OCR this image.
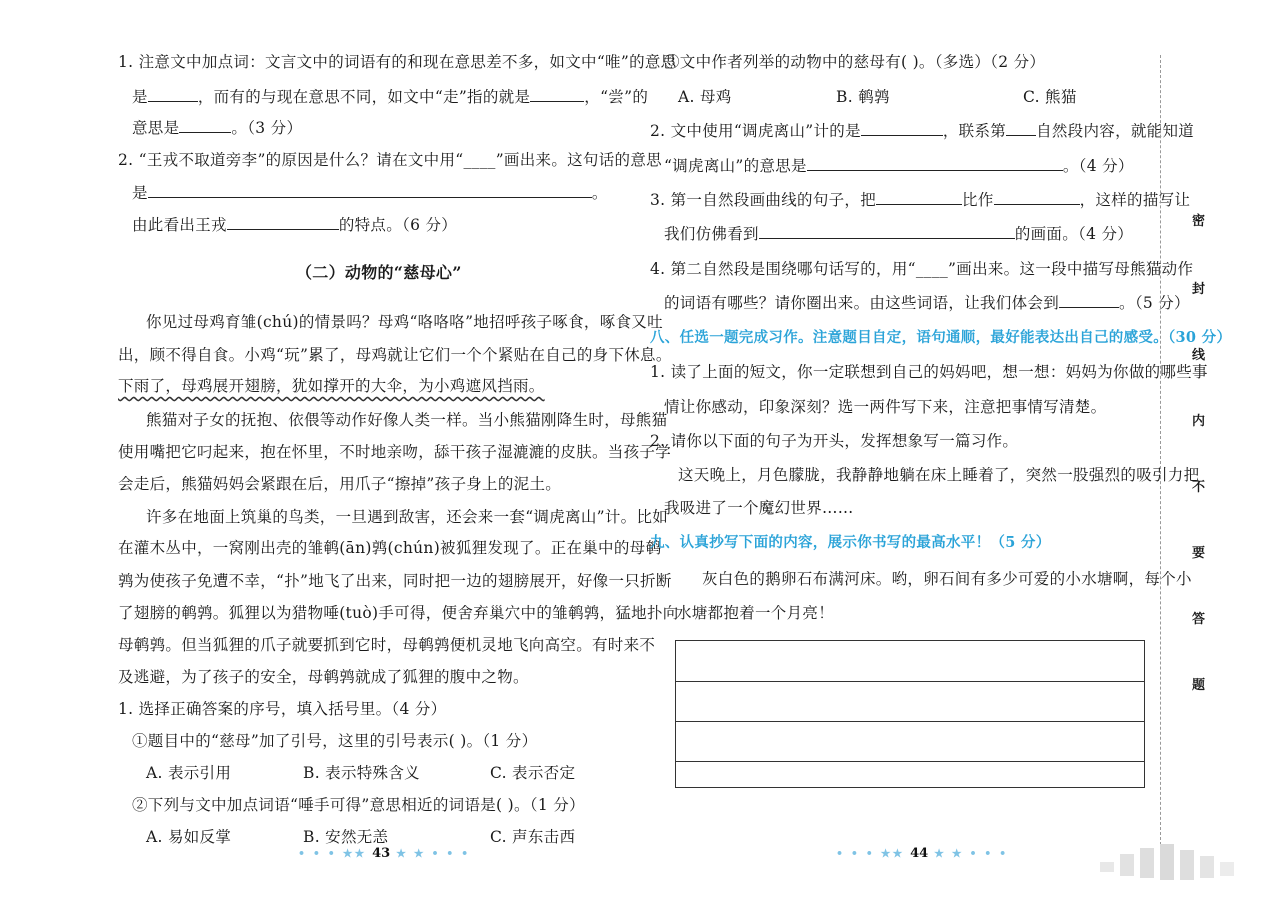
1. 注意文中加点词：文言文中的词语有的和现在意思差不多，如文中“唯”的意思
是	，而有的与现在意思不同，如文中“走”指的就是	，“尝”的
意思是	。（3 分）
2. “王戎不取道旁李”的原因是什么？请在文中用“____”画出来。这句话的意思
是	。
由此看出王戎	的特点。（6 分）
（二）动物的“慈母心”
你见过母鸡育雏(chú)的情景吗？母鸡“咯咯咯”地招呼孩子啄食，啄食又吐
出，顾不得自食。小鸡“玩”累了，母鸡就让它们一个个紧贴在自己的身下休息。
下雨了，母鸡展开翅膀，犹如撑开的大伞，为小鸡遮风挡雨。
熊猫对子女的抚抱、依偎等动作好像人类一样。当小熊猫刚降生时，母熊猫
使用嘴把它叼起来，抱在怀里，不时地亲吻，舔干孩子湿漉漉的皮肤。当孩子学
会走后，熊猫妈妈会紧跟在后，用爪子“擦掉”孩子身上的泥土。
许多在地面上筑巢的鸟类，一旦遇到敌害，还会来一套“调虎离山”计。比如
在灌木丛中，一窝刚出壳的雏鹌(ān)鹑(chún)被狐狸发现了。正在巢中的母鹌
鹑为使孩子免遭不幸，“扑”地飞了出来，同时把一边的翅膀展开，好像一只折断
了翅膀的鹌鹑。狐狸以为猎物唾(tuò)手可得，便舍弃巢穴中的雏鹌鹑，猛地扑向
母鹌鹑。但当狐狸的爪子就要抓到它时，母鹌鹑便机灵地飞向高空。有时来不
及逃避，为了孩子的安全，母鹌鹑就成了狐狸的腹中之物。
1. 选择正确答案的序号，填入括号里。（4 分）
①题目中的“慈母”加了引号，这里的引号表示( )。（1 分）
A. 表示引用	B. 表示特殊含义	C. 表示否定
②下列与文中加点词语“唾手可得”意思相近的词语是( )。（1 分）
A. 易如反掌	B. 安然无恙	C. 声东击西
• • • ★★ 43 ★ ★ • • •
③文中作者列举的动物中的慈母有( )。（多选）（2 分）
A. 母鸡	B. 鹌鹑	C. 熊猫
2. 文中使用“调虎离山”计的是	，联系第 自然段内容，就能知道
“调虎离山”的意思是	。（4 分）
3. 第一自然段画曲线的句子，把	比作	，这样的描写让
我们仿佛看到	的画面。（4 分）
4. 第二自然段是围绕哪句话写的，用“____”画出来。这一段中描写母熊猫动作
的词语有哪些？请你圈出来。由这些词语，让我们体会到	。（5 分）
八、任选一题完成习作。注意题目自定，语句通顺，最好能表达出自己的感受。（30 分）
1. 读了上面的短文，你一定联想到自己的妈妈吧，想一想：妈妈为你做的哪些事
情让你感动，印象深刻？选一两件写下来，注意把事情写清楚。
2. 请你以下面的句子为开头，发挥想象写一篇习作。
这天晚上，月色朦胧，我静静地躺在床上睡着了，突然一股强烈的吸引力把
我吸进了一个魔幻世界……
九、认真抄写下面的内容，展示你书写的最高水平！（5 分）
灰白色的鹅卵石布满河床。哟，卵石间有多少可爱的小水塘啊，每个小
水塘都抱着一个月亮！
• • • ★★ 44 ★ ★ • • •
密
封
线
内
不
要
答
题
